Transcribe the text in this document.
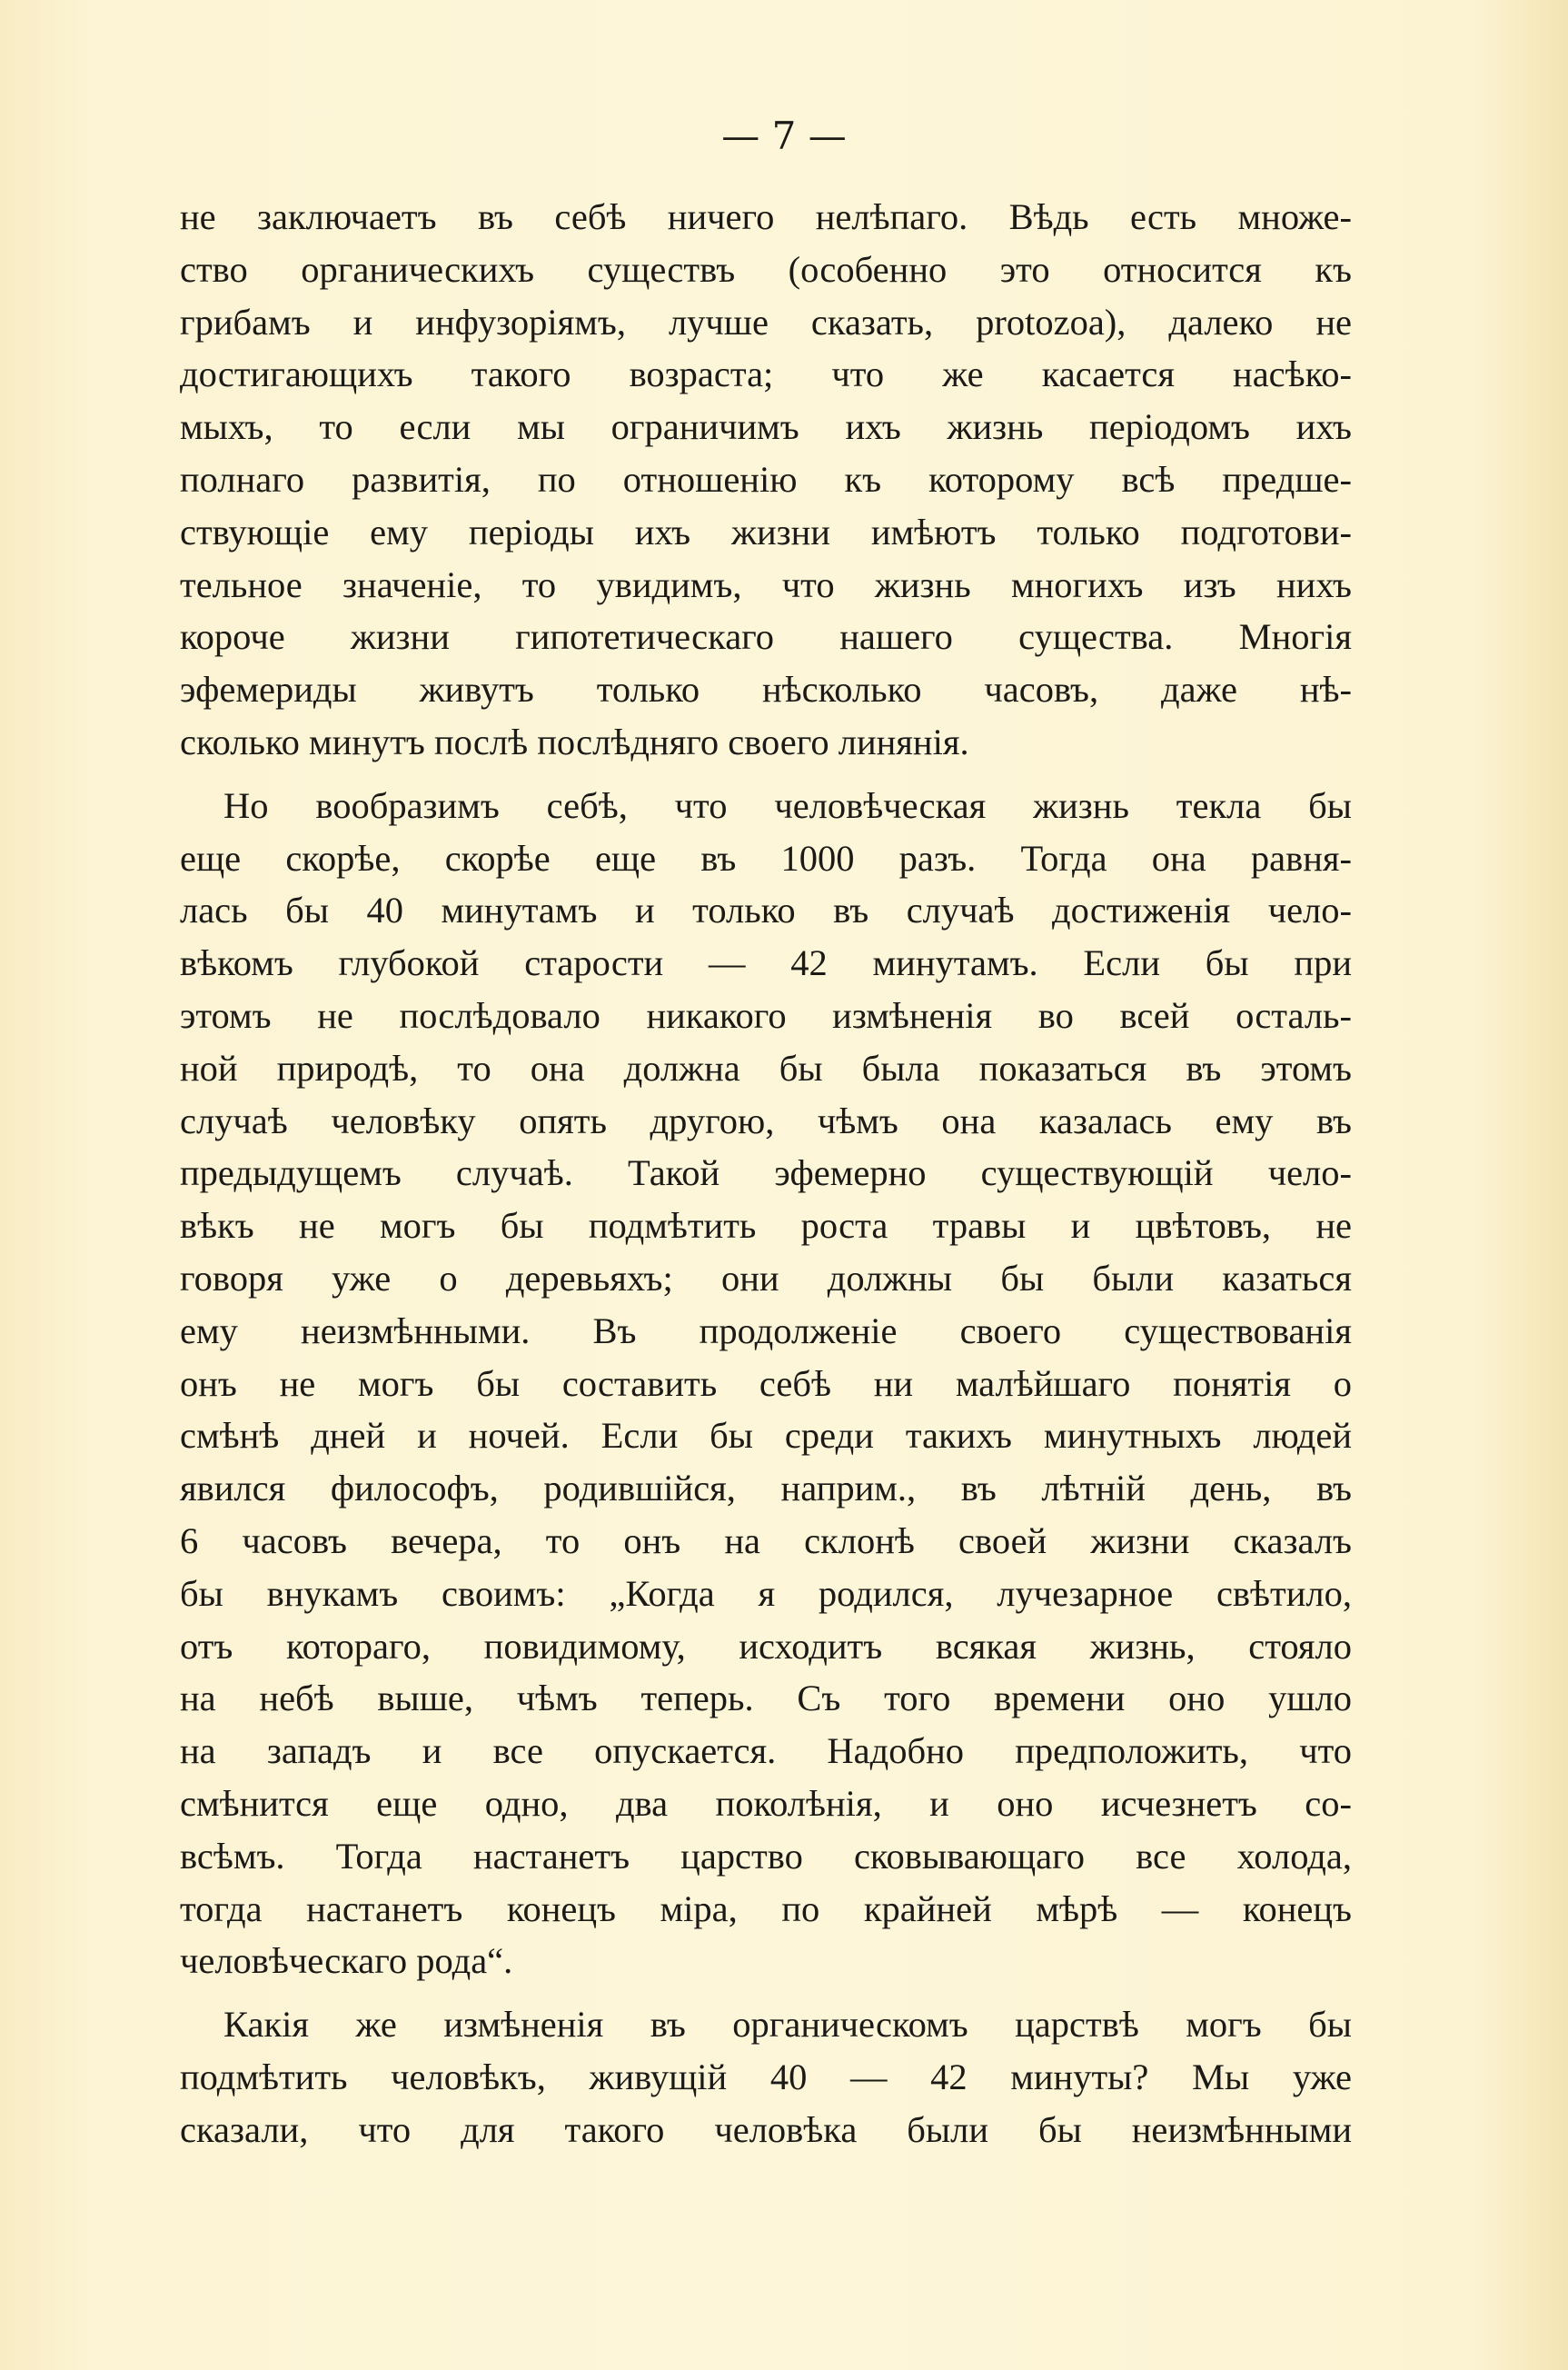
— 7 —
не заключаетъ въ себѣ ничего нелѣпаго. Вѣдь есть множе-
ство органическихъ существъ (особенно это относится къ
грибамъ и инфузоріямъ, лучше сказать, protozoa), далеко не
достигающихъ такого возраста; что же касается насѣко-
мыхъ, то если мы ограничимъ ихъ жизнь періодомъ ихъ
полнаго развитія, по отношенію къ которому всѣ предше-
ствующіе ему періоды ихъ жизни имѣютъ только подготови-
тельное значеніе, то увидимъ, что жизнь многихъ изъ нихъ
короче жизни гипотетическаго нашего существа. Многія
эфемериды живутъ только нѣсколько часовъ, даже нѣ-
сколько минутъ послѣ послѣдняго своего линянія.
Но вообразимъ себѣ, что человѣческая жизнь текла бы
еще скорѣе, скорѣе еще въ 1000 разъ. Тогда она равня-
лась бы 40 минутамъ и только въ случаѣ достиженія чело-
вѣкомъ глубокой старости — 42 минутамъ. Если бы при
этомъ не послѣдовало никакого измѣненія во всей осталь-
ной природѣ, то она должна бы была показаться въ этомъ
случаѣ человѣку опять другою, чѣмъ она казалась ему въ
предыдущемъ случаѣ. Такой эфемерно существующій чело-
вѣкъ не могъ бы подмѣтить роста травы и цвѣтовъ, не
говоря уже о деревьяхъ; они должны бы были казаться
ему неизмѣнными. Въ продолженіе своего существованія
онъ не могъ бы составить себѣ ни малѣйшаго понятія о
смѣнѣ дней и ночей. Если бы среди такихъ минутныхъ людей
явился философъ, родившійся, наприм., въ лѣтній день, въ
6 часовъ вечера, то онъ на склонѣ своей жизни сказалъ
бы внукамъ своимъ: „Когда я родился, лучезарное свѣтило,
отъ котораго, повидимому, исходитъ всякая жизнь, стояло
на небѣ выше, чѣмъ теперь. Съ того времени оно ушло
на западъ и все опускается. Надобно предположить, что
смѣнится еще одно, два поколѣнія, и оно исчезнетъ со-
всѣмъ. Тогда настанетъ царство сковывающаго все холода,
тогда настанетъ конецъ міра, по крайней мѣрѣ — конецъ
человѣческаго рода“.
Какія же измѣненія въ органическомъ царствѣ могъ бы
подмѣтить человѣкъ, живущій 40 — 42 минуты? Мы уже
сказали, что для такого человѣка были бы неизмѣнными
